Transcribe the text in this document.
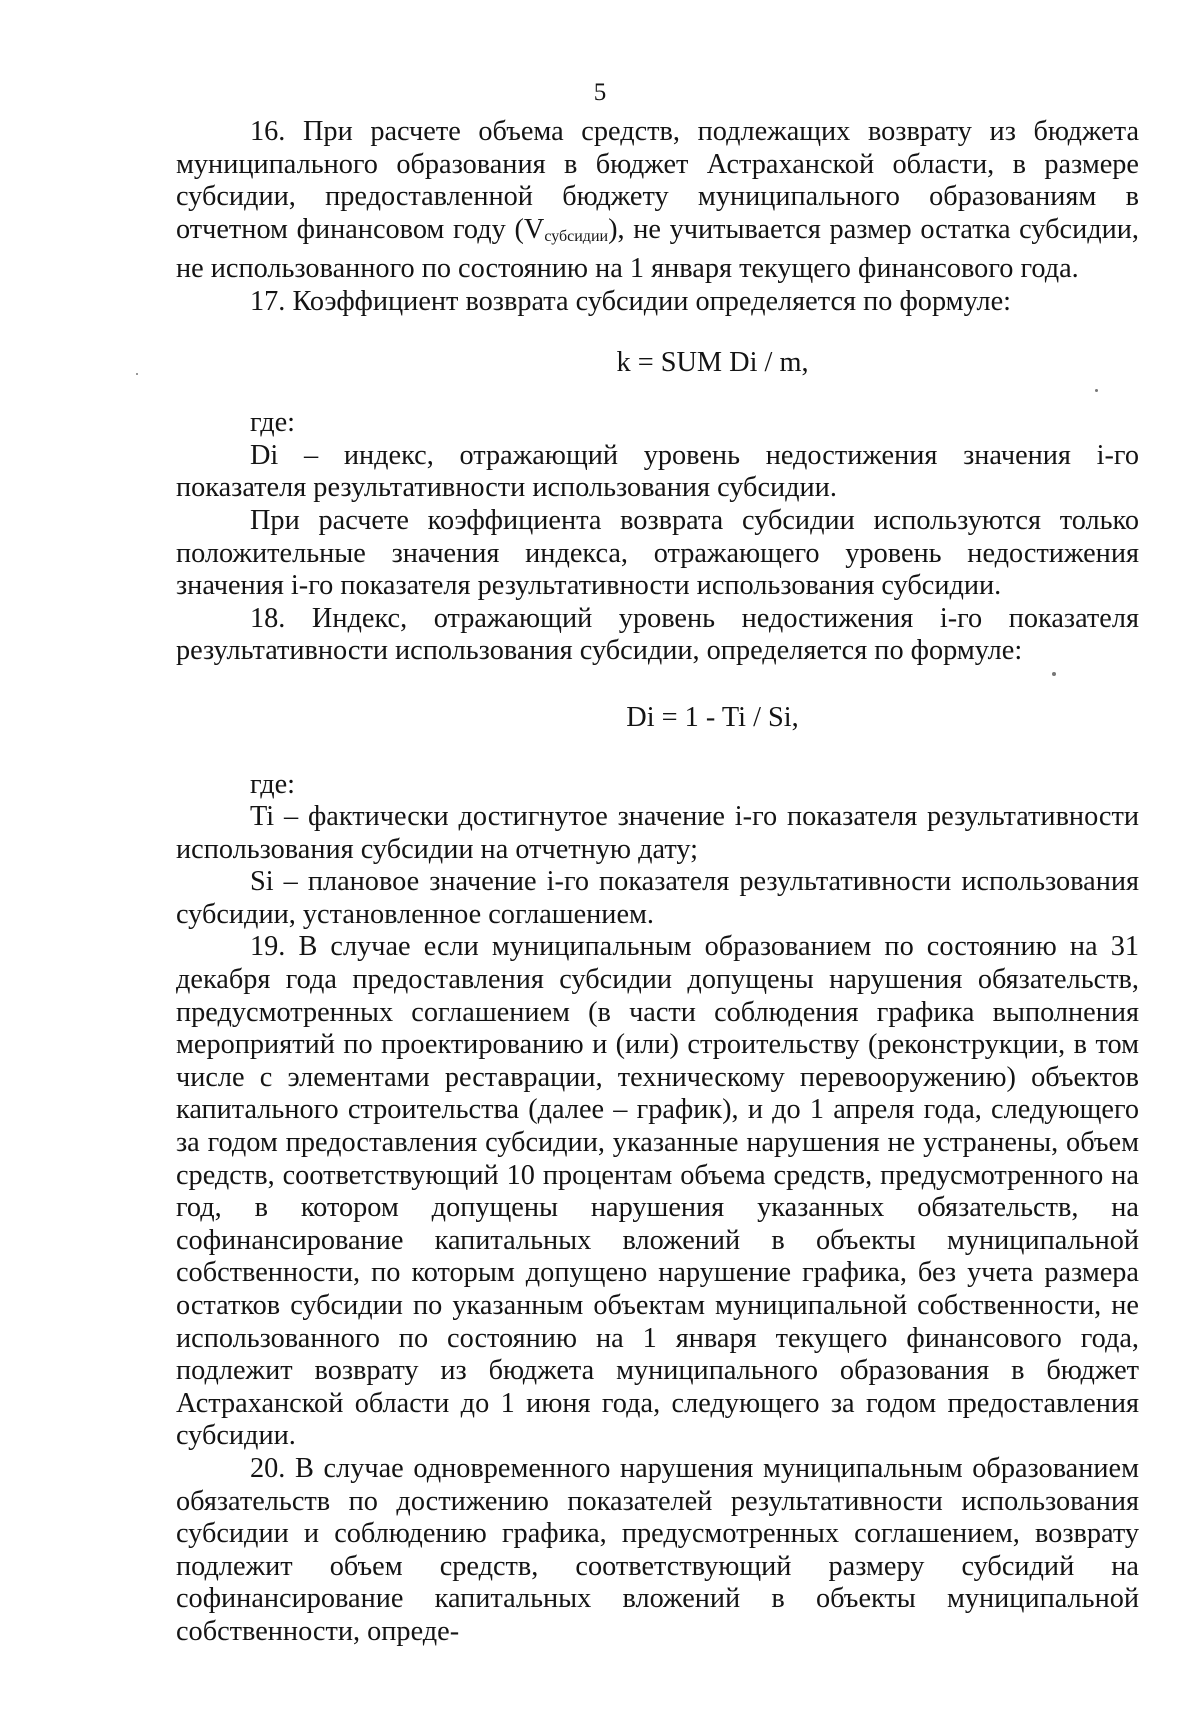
5

16. При расчете объема средств, подлежащих возврату из бюджета муниципального образования в бюджет Астраханской области, в размере субсидии, предоставленной бюджету муниципального образованиям в отчетном финансовом году $(V_{субсидии})$, не учитывается размер остатка субсидии, не использованного по состоянию на 1 января текущего финансового года.

17. Коэффициент возврата субсидии определяется по формуле:

k = SUM Di / m,

где:

Di – индекс, отражающий уровень недостижения значения i-го показателя результативности использования субсидии.

При расчете коэффициента возврата субсидии используются только положительные значения индекса, отражающего уровень недостижения значения i-го показателя результативности использования субсидии.

18. Индекс, отражающий уровень недостижения i-го показателя результативности использования субсидии, определяется по формуле:

Di = 1 - Ti / Si,

где:

Ti – фактически достигнутое значение i-го показателя результативности использования субсидии на отчетную дату;

Si – плановое значение i-го показателя результативности использования субсидии, установленное соглашением.

19. В случае если муниципальным образованием по состоянию на 31 декабря года предоставления субсидии допущены нарушения обязательств, предусмотренных соглашением (в части соблюдения графика выполнения мероприятий по проектированию и (или) строительству (реконструкции, в том числе с элементами реставрации, техническому перевооружению) объектов капитального строительства (далее – график), и до 1 апреля года, следующего за годом предоставления субсидии, указанные нарушения не устранены, объем средств, соответствующий 10 процентам объема средств, предусмотренного на год, в котором допущены нарушения указанных обязательств, на софинансирование капитальных вложений в объекты муниципальной собственности, по которым допущено нарушение графика, без учета размера остатков субсидии по указанным объектам муниципальной собственности, не использованного по состоянию на 1 января текущего финансового года, подлежит возврату из бюджета муниципального образования в бюджет Астраханской области до 1 июня года, следующего за годом предоставления субсидии.

20. В случае одновременного нарушения муниципальным образованием обязательств по достижению показателей результативности использования субсидии и соблюдению графика, предусмотренных соглашением, возврату подлежит объем средств, соответствующий размеру субсидий на софинансирование капитальных вложений в объекты муниципальной собственности, опреде-
